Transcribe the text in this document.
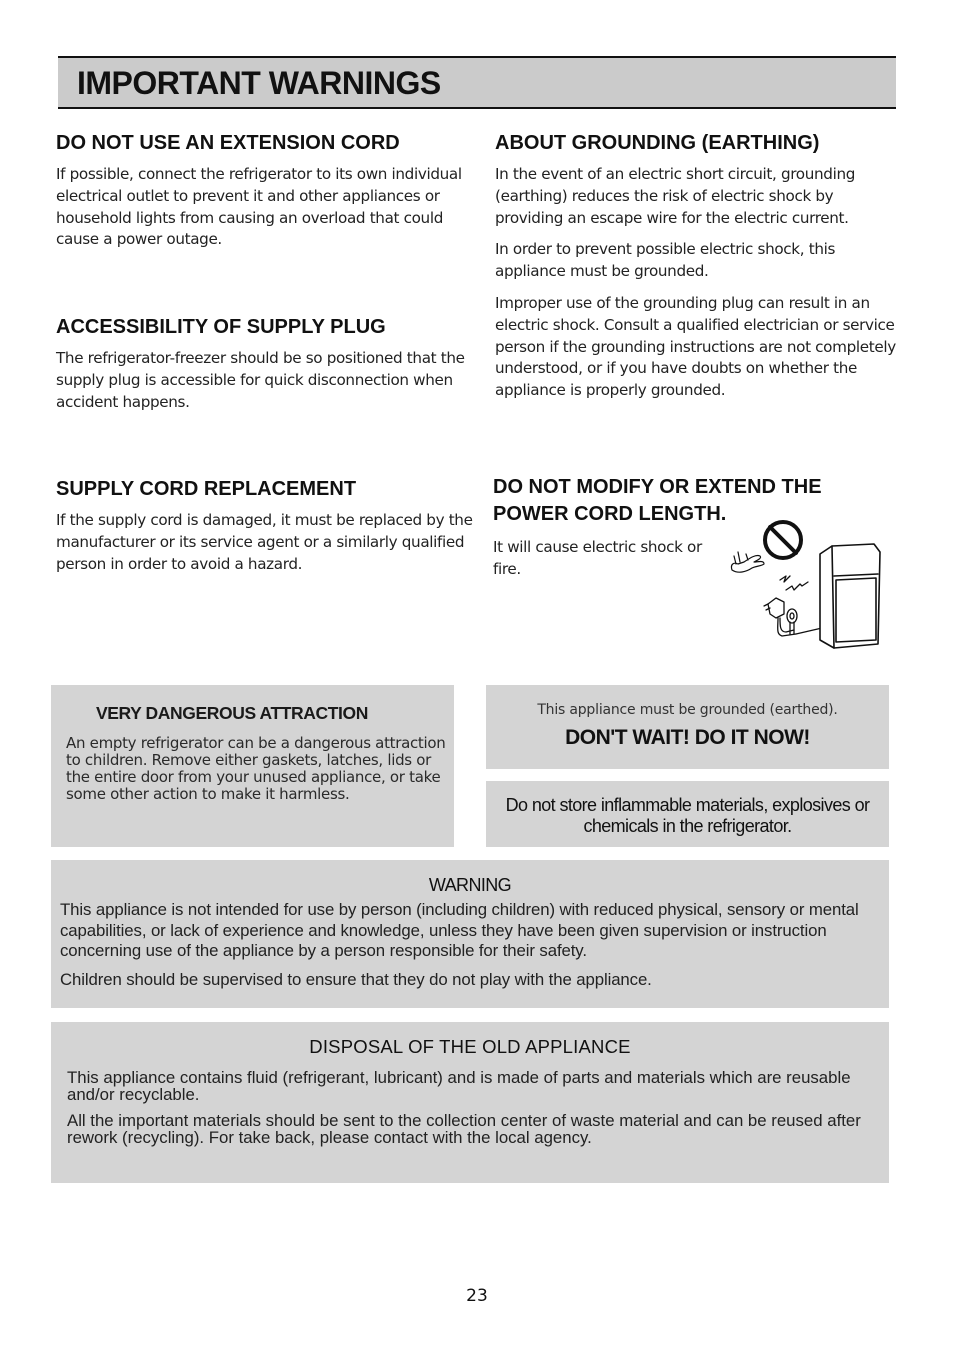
IMPORTANT WARNINGS
DO NOT USE AN EXTENSION CORD

If possible, connect the refrigerator to its own individual electrical outlet to prevent it and other appliances or household lights from causing an overload that could cause a power outage.

ACCESSIBILITY OF SUPPLY PLUG

The refrigerator-freezer should be so positioned that the supply plug is accessible for quick disconnection when accident happens.

SUPPLY CORD REPLACEMENT

If the supply cord is damaged, it must be replaced by the manufacturer or its service agent or a similarly qualified person in order to avoid a hazard.

ABOUT GROUNDING (EARTHING)

In the event of an electric short circuit, grounding (earthing) reduces the risk of electric shock by providing an escape wire for the electric current.

In order to prevent possible electric shock, this appliance must be grounded.

Improper use of the grounding plug can result in an electric shock. Consult a qualified electrician or service person if the grounding instructions are not completely understood, or if you have doubts on whether the appliance is properly grounded.

DO NOT MODIFY OR EXTEND THE POWER CORD LENGTH.

It will cause electric shock or fire.

VERY DANGEROUS ATTRACTION

An empty refrigerator can be a dangerous attraction to children. Remove either gaskets, latches, lids or the entire door from your unused appliance, or take some other action to make it harmless.

This appliance must be grounded (earthed).
DON'T WAIT! DO IT NOW!

Do not store inflammable materials, explosives or chemicals in the refrigerator.

WARNING

This appliance is not intended for use by person (including children) with reduced physical, sensory or mental capabilities, or lack of experience and knowledge, unless they have been given supervision or instruction concerning use of the appliance by a person responsible for their safety.

Children should be supervised to ensure that they do not play with the appliance.

DISPOSAL OF THE OLD APPLIANCE

This appliance contains fluid (refrigerant, lubricant) and is made of parts and materials which are reusable and/or recyclable.

All the important materials should be sent to the collection center of waste material and can be reused after rework (recycling). For take back, please contact with the local agency.

23
